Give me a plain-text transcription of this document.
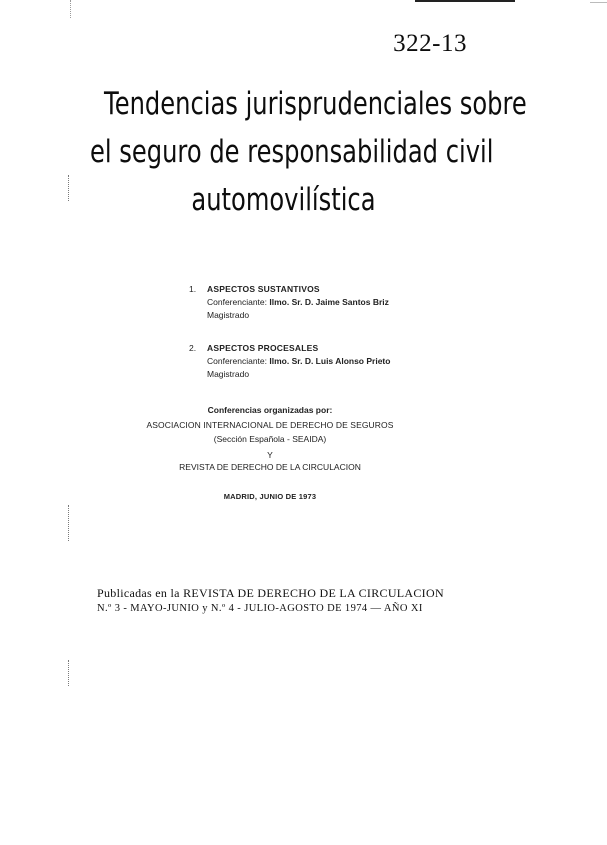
322-13
Tendencias jurisprudenciales sobre
el seguro de responsabilidad civil
automovilística
1. ASPECTOS SUSTANTIVOS
Conferenciante: Ilmo. Sr. D. Jaime Santos Briz
Magistrado
2. ASPECTOS PROCESALES
Conferenciante: Ilmo. Sr. D. Luis Alonso Prieto
Magistrado
Conferencias organizadas por:
ASOCIACION INTERNACIONAL DE DERECHO DE SEGUROS
(Sección Española - SEAIDA)
Y
REVISTA DE DERECHO DE LA CIRCULACION
MADRID, JUNIO DE 1973
Publicadas en la REVISTA DE DERECHO DE LA CIRCULACION
N.º 3 - MAYO-JUNIO y N.º 4 - JULIO-AGOSTO DE 1974 — AÑO XI
